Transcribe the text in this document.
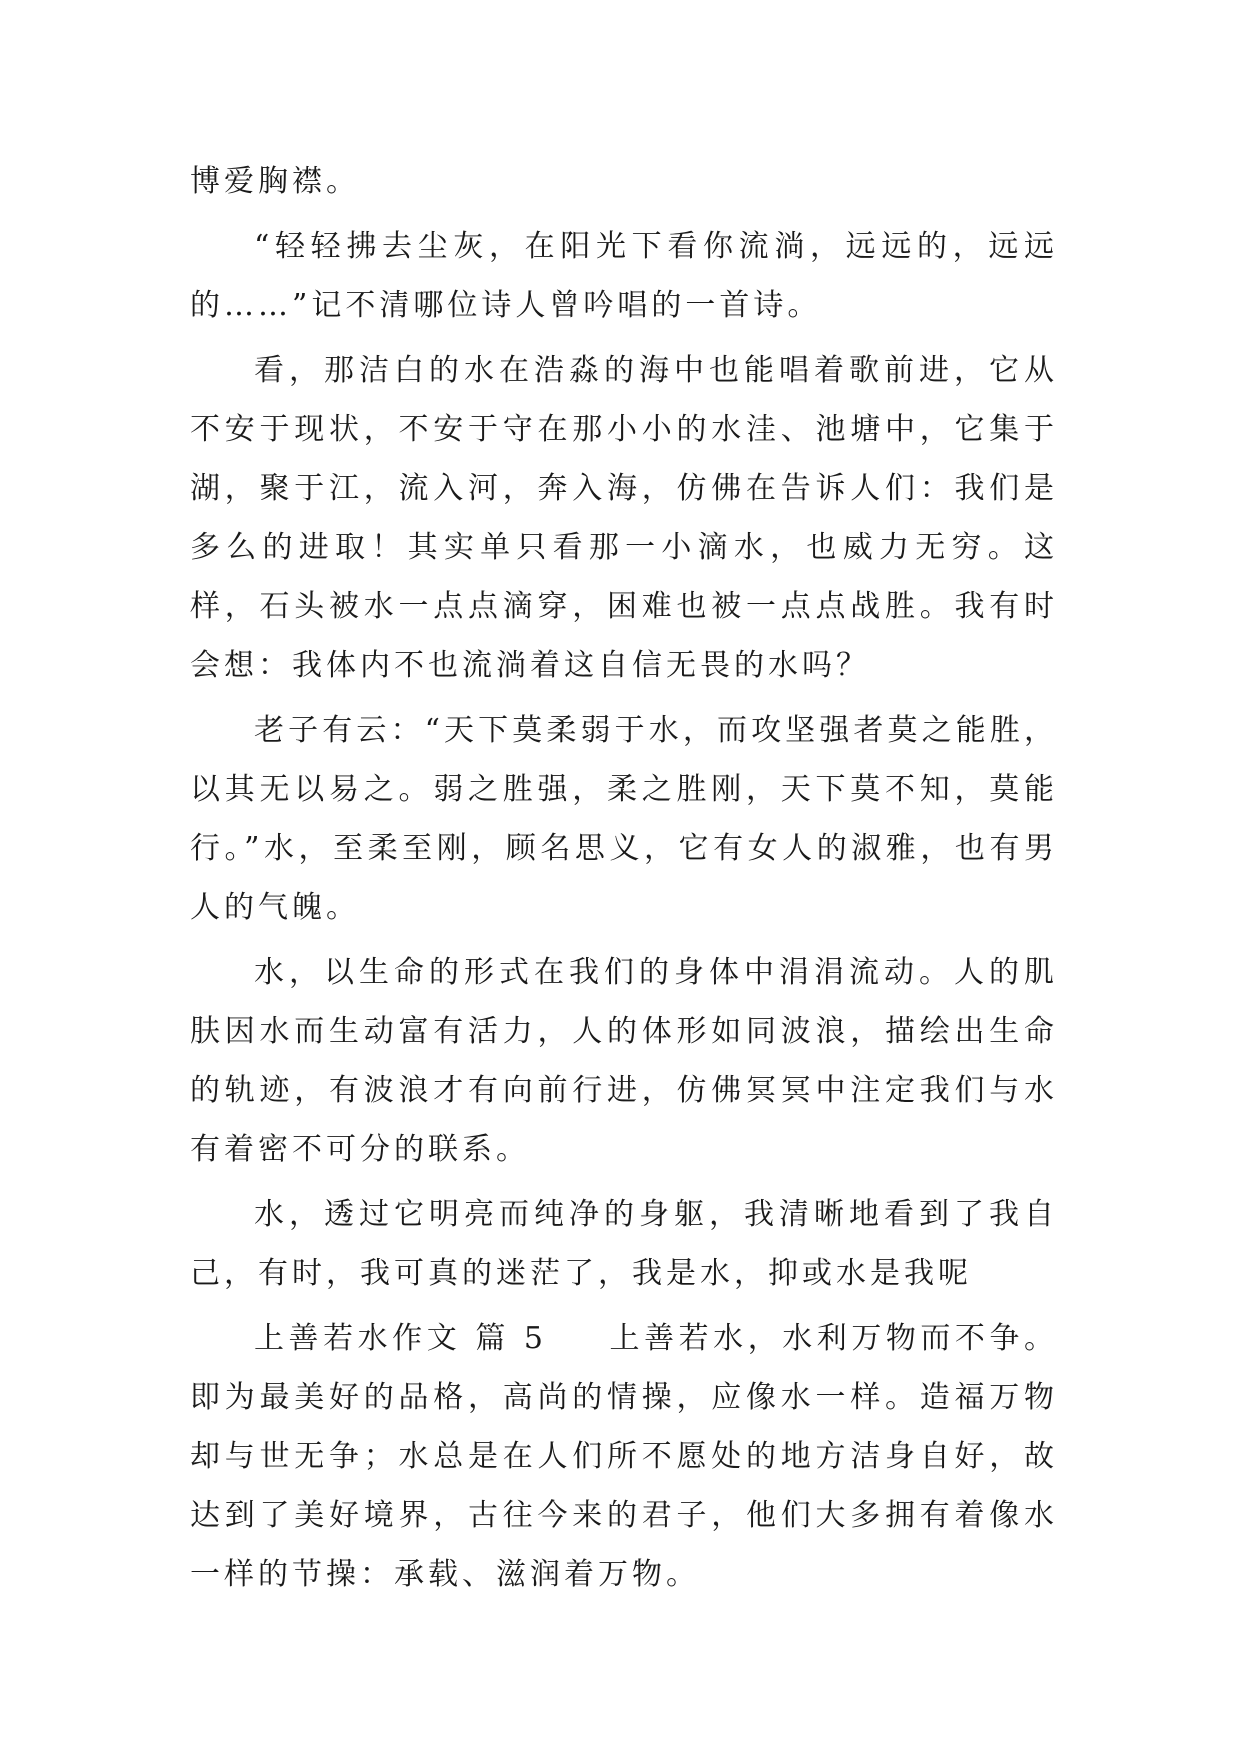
博爱胸襟。

“轻轻拂去尘灰，在阳光下看你流淌，远远的，远远的……”记不清哪位诗人曾吟唱的一首诗。

看，那洁白的水在浩淼的海中也能唱着歌前进，它从不安于现状，不安于守在那小小的水洼、池塘中，它集于湖，聚于江，流入河，奔入海，仿佛在告诉人们：我们是多么的进取！其实单只看那一小滴水，也威力无穷。这样，石头被水一点点滴穿，困难也被一点点战胜。我有时会想：我体内不也流淌着这自信无畏的水吗？

老子有云：“天下莫柔弱于水，而攻坚强者莫之能胜，以其无以易之。弱之胜强，柔之胜刚，天下莫不知，莫能行。”水，至柔至刚，顾名思义，它有女人的淑雅，也有男人的气魄。

水，以生命的形式在我们的身体中涓涓流动。人的肌肤因水而生动富有活力，人的体形如同波浪，描绘出生命的轨迹，有波浪才有向前行进，仿佛冥冥中注定我们与水有着密不可分的联系。

水，透过它明亮而纯净的身躯，我清晰地看到了我自己，有时，我可真的迷茫了，我是水，抑或水是我呢

上善若水作文 篇 5 上善若水，水利万物而不争。即为最美好的品格，高尚的情操，应像水一样。造福万物却与世无争；水总是在人们所不愿处的地方洁身自好，故达到了美好境界，古往今来的君子，他们大多拥有着像水一样的节操：承载、滋润着万物。
